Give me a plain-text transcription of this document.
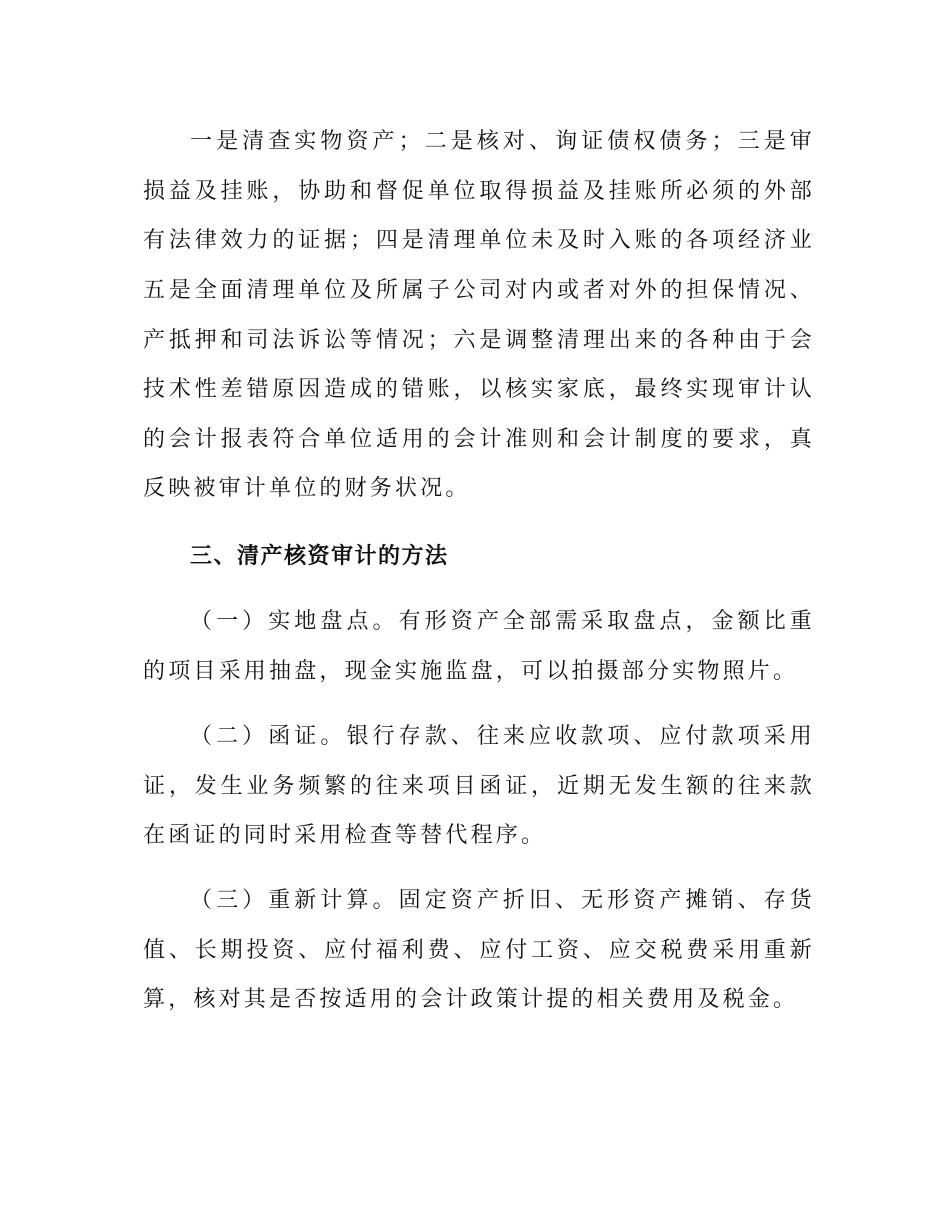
一是清查实物资产；二是核对、询证债权债务；三是审
损益及挂账，协助和督促单位取得损益及挂账所必须的外部
有法律效力的证据；四是清理单位未及时入账的各项经济业
五是全面清理单位及所属子公司对内或者对外的担保情况、
产抵押和司法诉讼等情况；六是调整清理出来的各种由于会
技术性差错原因造成的错账，以核实家底，最终实现审计认
的会计报表符合单位适用的会计准则和会计制度的要求，真
反映被审计单位的财务状况。
三、清产核资审计的方法
（一）实地盘点。有形资产全部需采取盘点，金额比重
的项目采用抽盘，现金实施监盘，可以拍摄部分实物照片。
（二）函证。银行存款、往来应收款项、应付款项采用
证，发生业务频繁的往来项目函证，近期无发生额的往来款
在函证的同时采用检查等替代程序。
（三）重新计算。固定资产折旧、无形资产摊销、存货
值、长期投资、应付福利费、应付工资、应交税费采用重新
算，核对其是否按适用的会计政策计提的相关费用及税金。
